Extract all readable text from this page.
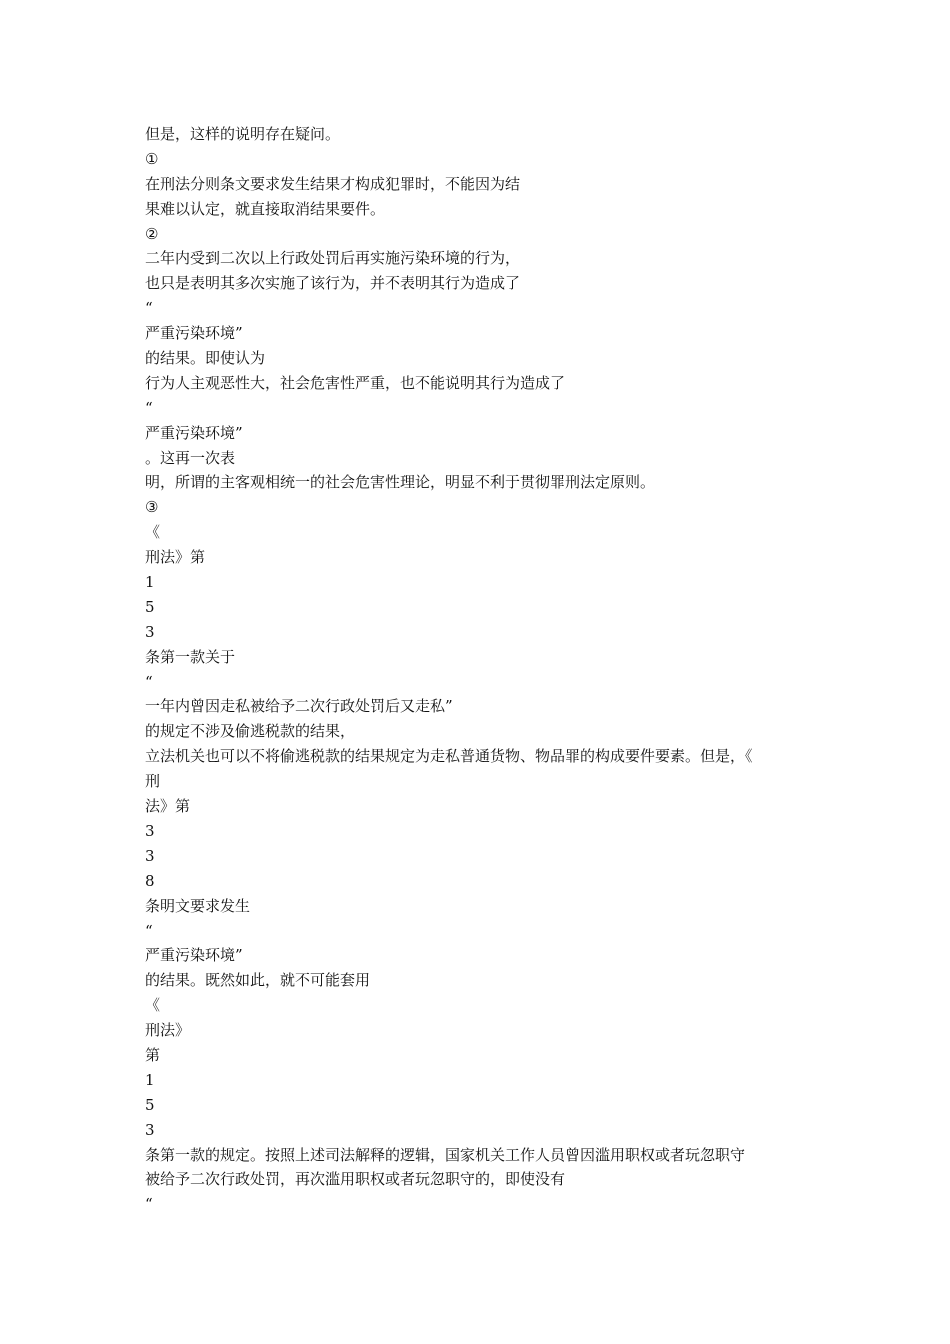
但是，这样的说明存在疑问。

①

在刑法分则条文要求发生结果才构成犯罪时，不能因为结

果难以认定，就直接取消结果要件。

②

二年内受到二次以上行政处罚后再实施污染环境的行为，

也只是表明其多次实施了该行为，并不表明其行为造成了

“

严重污染环境”

的结果。即使认为

行为人主观恶性大，社会危害性严重，也不能说明其行为造成了

“

严重污染环境”

。这再一次表

明，所谓的主客观相统一的社会危害性理论，明显不利于贯彻罪刑法定原则。

③

《

刑法》第

1

5

3

条第一款关于

“

一年内曾因走私被给予二次行政处罚后又走私”

的规定不涉及偷逃税款的结果，

立法机关也可以不将偷逃税款的结果规定为走私普通货物、物品罪的构成要件要素。但是，《

刑

法》第

3

3

8

条明文要求发生

“

严重污染环境”

的结果。既然如此，就不可能套用

《

刑法》

第

1

5

3

条第一款的规定。按照上述司法解释的逻辑，国家机关工作人员曾因滥用职权或者玩忽职守

被给予二次行政处罚，再次滥用职权或者玩忽职守的，即使没有

“
